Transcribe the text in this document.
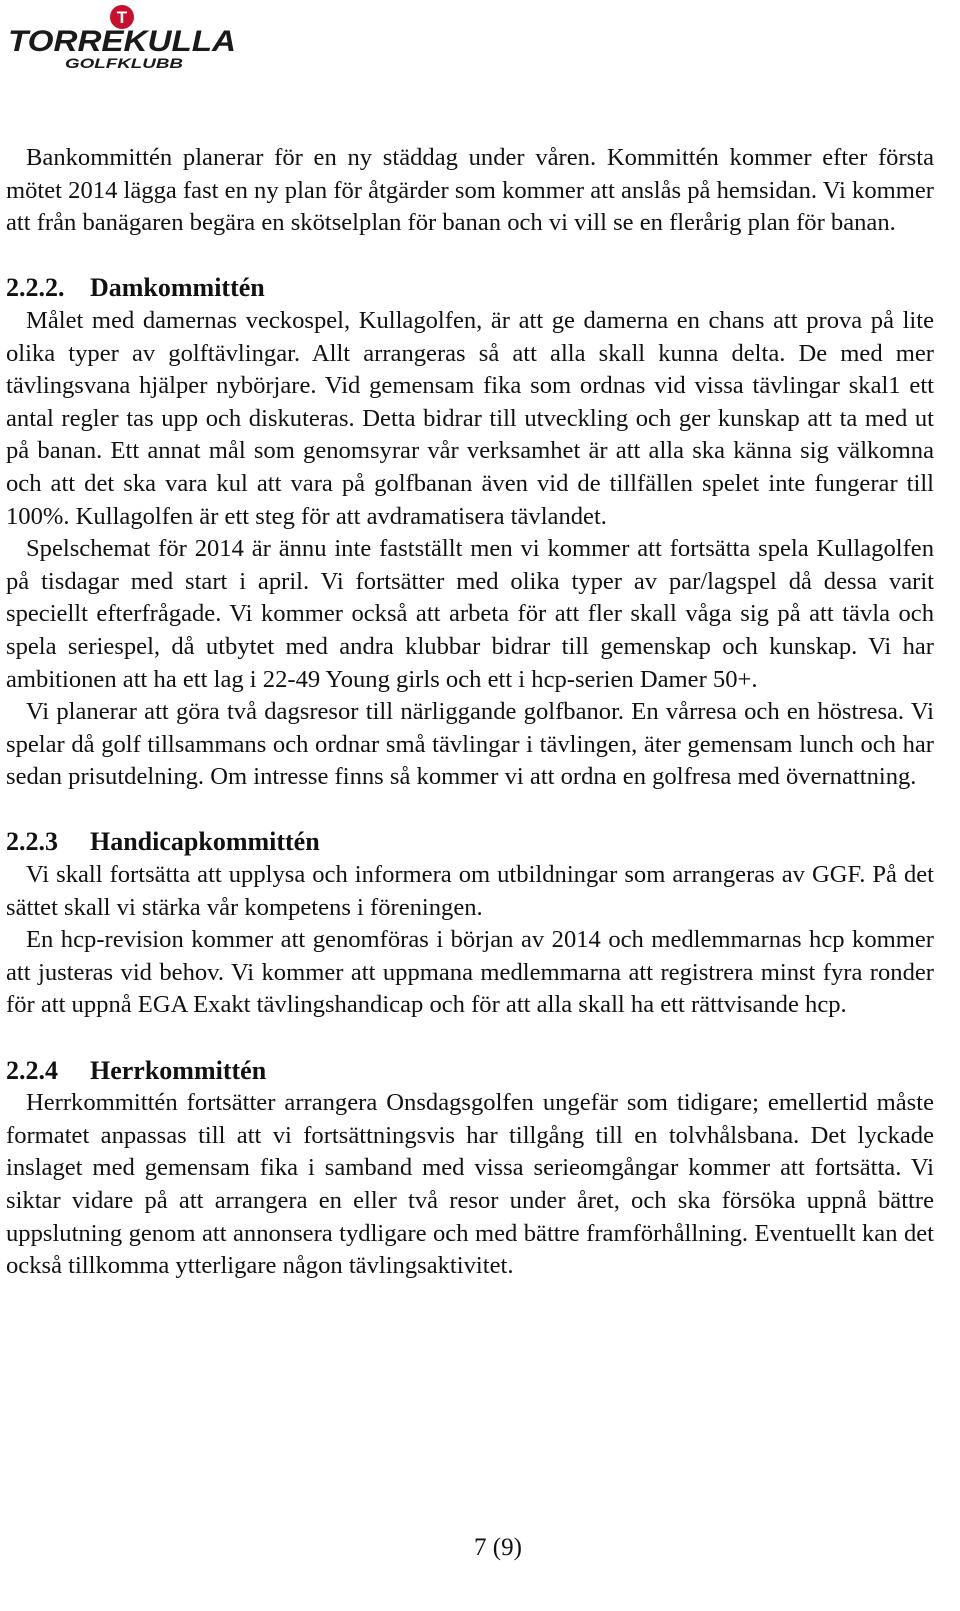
T
TORREKULLA
GOLFKLUBB

Bankommittén planerar för en ny städdag under våren. Kommittén kommer efter första mötet 2014 lägga fast en ny plan för åtgärder som kommer att anslås på hemsidan. Vi kommer att från banägaren begära en skötselplan för banan och vi vill se en flerårig plan för banan.

2.2.2. Damkommittén

Målet med damernas veckospel, Kullagolfen, är att ge damerna en chans att prova på lite olika typer av golftävlingar. Allt arrangeras så att alla skall kunna delta. De med mer tävlingsvana hjälper nybörjare. Vid gemensam fika som ordnas vid vissa tävlingar skal1 ett antal regler tas upp och diskuteras. Detta bidrar till utveckling och ger kunskap att ta med ut på banan. Ett annat mål som genomsyrar vår verksamhet är att alla ska känna sig välkomna och att det ska vara kul att vara på golfbanan även vid de tillfällen spelet inte fungerar till 100%. Kullagolfen är ett steg för att avdramatisera tävlandet.

Spelschemat för 2014 är ännu inte fastställt men vi kommer att fortsätta spela Kullagolfen på tisdagar med start i april. Vi fortsätter med olika typer av par/lagspel då dessa varit speciellt efterfrågade. Vi kommer också att arbeta för att fler skall våga sig på att tävla och spela seriespel, då utbytet med andra klubbar bidrar till gemenskap och kunskap. Vi har ambitionen att ha ett lag i 22-49 Young girls och ett i hcp-serien Damer 50+.

Vi planerar att göra två dagsresor till närliggande golfbanor. En vårresa och en höstresa. Vi spelar då golf tillsammans och ordnar små tävlingar i tävlingen, äter gemensam lunch och har sedan prisutdelning. Om intresse finns så kommer vi att ordna en golfresa med övernattning.

2.2.3 Handicapkommittén

Vi skall fortsätta att upplysa och informera om utbildningar som arrangeras av GGF. På det sättet skall vi stärka vår kompetens i föreningen.

En hcp-revision kommer att genomföras i början av 2014 och medlemmarnas hcp kommer att justeras vid behov. Vi kommer att uppmana medlemmarna att registrera minst fyra ronder för att uppnå EGA Exakt tävlingshandicap och för att alla skall ha ett rättvisande hcp.

2.2.4 Herrkommittén

Herrkommittén fortsätter arrangera Onsdagsgolfen ungefär som tidigare; emellertid måste formatet anpassas till att vi fortsättningsvis har tillgång till en tolvhålsbana. Det lyckade inslaget med gemensam fika i samband med vissa serieomgångar kommer att fortsätta. Vi siktar vidare på att arrangera en eller två resor under året, och ska försöka uppnå bättre uppslutning genom att annonsera tydligare och med bättre framförhållning. Eventuellt kan det också tillkomma ytterligare någon tävlingsaktivitet.

7 (9)
